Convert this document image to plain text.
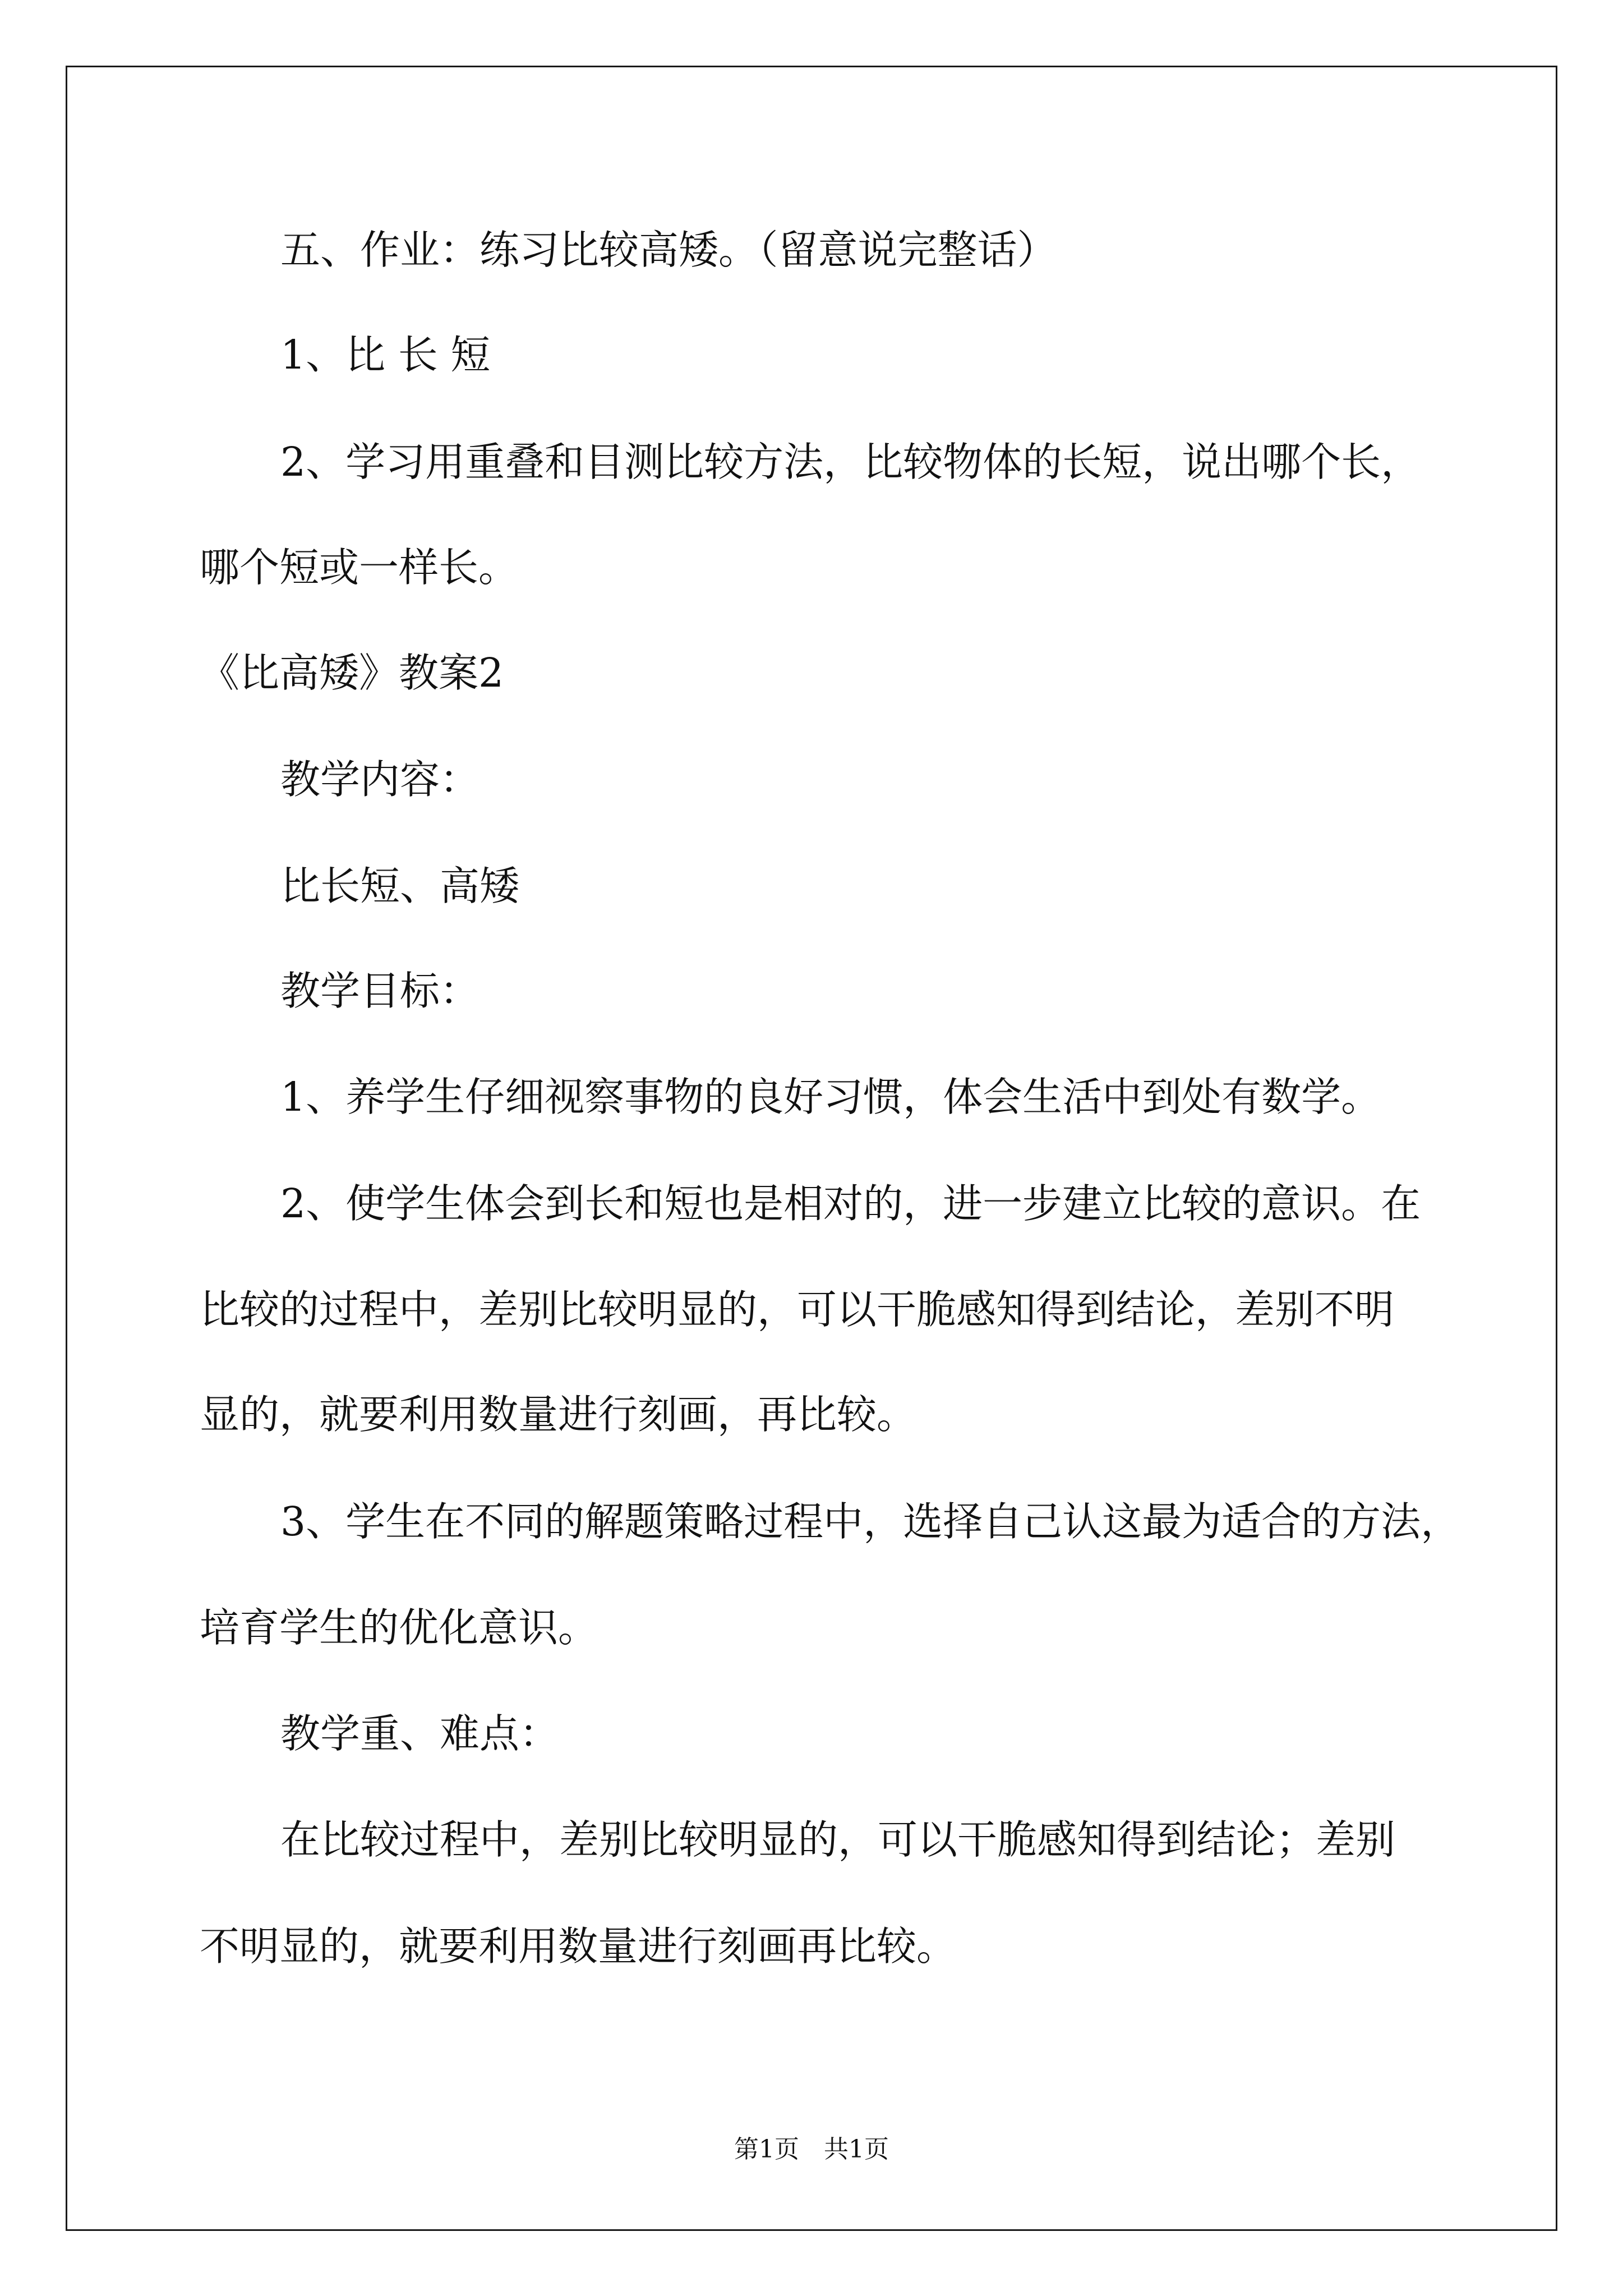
五、作业：练习比较高矮。（留意说完整话）
1、比 长 短
2、学习用重叠和目测比较方法，比较物体的长短，说出哪个长，
哪个短或一样长。
《比高矮》教案2
教学内容：
比长短、高矮
教学目标：
1、养学生仔细视察事物的良好习惯，体会生活中到处有数学。
2、使学生体会到长和短也是相对的，进一步建立比较的意识。在
比较的过程中，差别比较明显的，可以干脆感知得到结论，差别不明
显的，就要利用数量进行刻画，再比较。
3、学生在不同的解题策略过程中，选择自己认这最为适合的方法，
培育学生的优化意识。
教学重、难点：
在比较过程中，差别比较明显的，可以干脆感知得到结论；差别
不明显的，就要利用数量进行刻画再比较。
第1页　共1页
